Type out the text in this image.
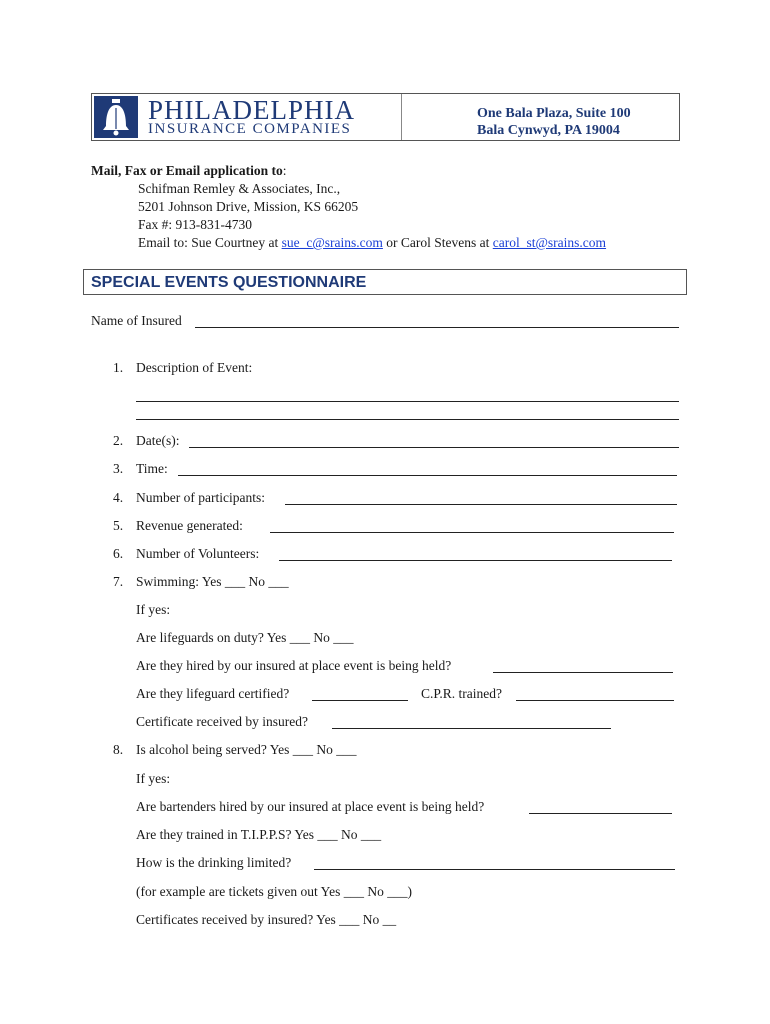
PHILADELPHIA
INSURANCE COMPANIES
One Bala Plaza, Suite 100
Bala Cynwyd, PA 19004
Mail, Fax or Email application to:
Schifman Remley & Associates, Inc.,
5201 Johnson Drive, Mission, KS 66205
Fax #: 913-831-4730
Email to: Sue Courtney at sue_c@srains.com or Carol Stevens at carol_st@srains.com
SPECIAL EVENTS QUESTIONNAIRE
Name of Insured
1. Description of Event:
2. Date(s):
3. Time:
4. Number of participants:
5. Revenue generated:
6. Number of Volunteers:
7. Swimming: Yes ___ No ___
If yes:
Are lifeguards on duty? Yes ___ No ___
Are they hired by our insured at place event is being held?
Are they lifeguard certified?	C.P.R. trained?
Certificate received by insured?
8. Is alcohol being served? Yes ___ No ___
If yes:
Are bartenders hired by our insured at place event is being held?
Are they trained in T.I.P.P.S? Yes ___ No ___
How is the drinking limited?
(for example are tickets given out Yes ___ No ___)
Certificates received by insured? Yes ___ No __
